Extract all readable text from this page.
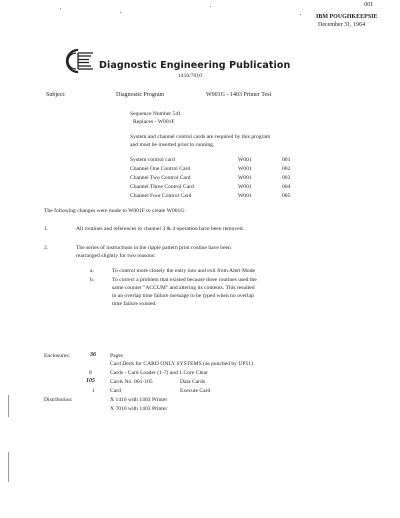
001
IBM POUGHKEEPSIE
December 31, 1964
Diagnostic Engineering Publication
1410/7010
Subject:	Diagnostic Program	W001G - 1403 Printer Test
Sequence Number 541
Replaces - W001F
System and channel control cards are required by this program
and must be inserted prior to running.
System control card	W001	001
Channel One Control Card	W001	002
Channel Two Control Card	W001	003
Channel Three Control Card	W001	004
Channel Four Control Card	W001	005
The following changes were made to W001F to create W001G:
1.	All routines and references to channel 3 & 4 operation have been removed.
2.	The series of instructions in the ripple pattern print routine have been
rearranged slightly for two reasons:
a.	To control more closely the entry into and exit from Alert Mode
b.	To correct a problem that existed because three routines used the
same counter "ACCUM" and altering its contents. This resulted
in an overlap time failure message to be typed when no overlap
time failure existed.
Enclosures:	36	Pages
Card Deck for CARD ONLY SYSTEMS (as punched by UP51)
8	Cards - Card Loader (1-7) and 1 Core Clear
105	Cards No. 001-105	Data Cards
1	Card	Execute Card
Distribution:	X 1410 with 1403 Printer
X 7010 with 1403 Printer
